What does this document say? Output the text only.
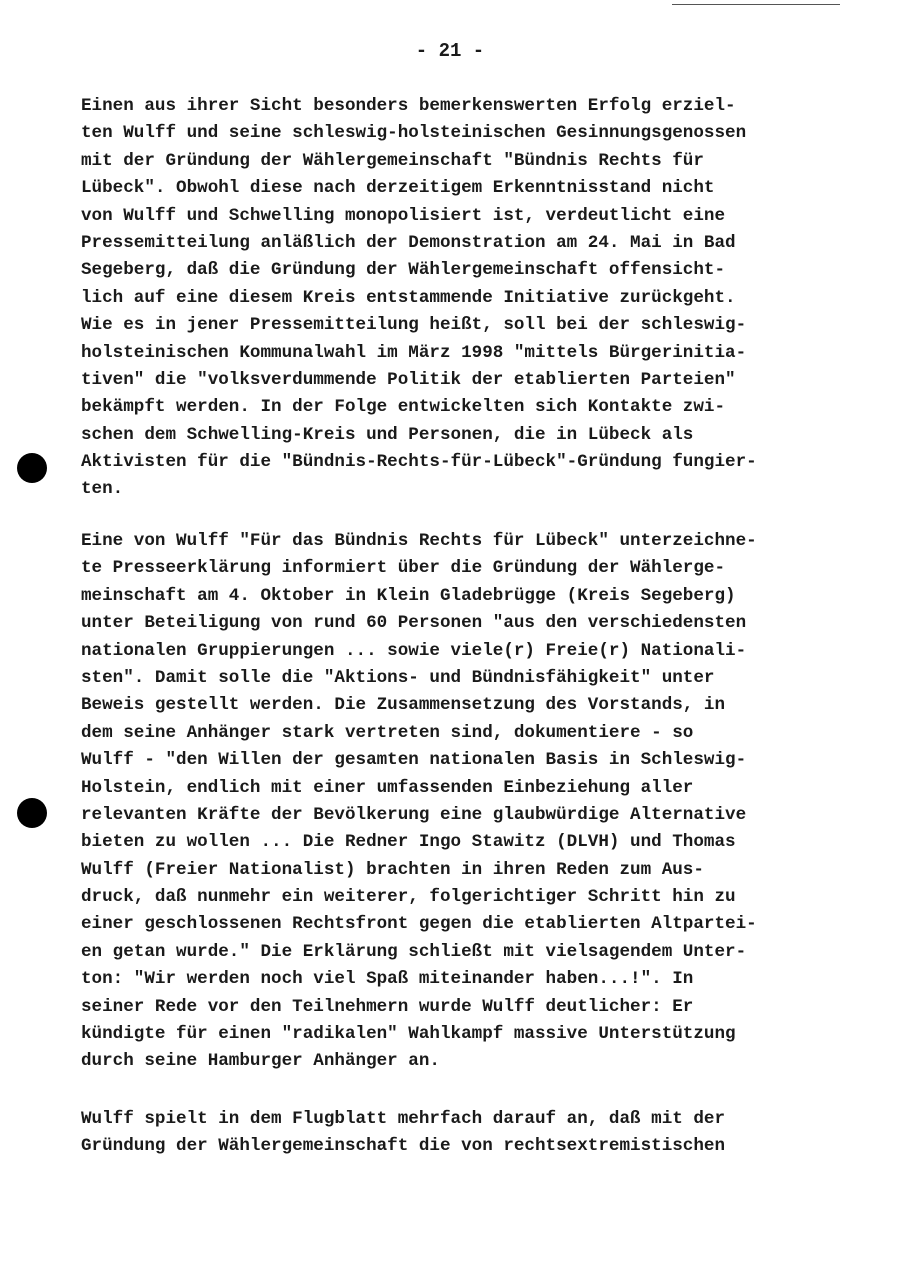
- 21 -
Einen aus ihrer Sicht besonders bemerkenswerten Erfolg erziel-
ten Wulff und seine schleswig-holsteinischen Gesinnungsgenossen
mit der Gründung der Wählergemeinschaft "Bündnis Rechts für
Lübeck". Obwohl diese nach derzeitigem Erkenntnisstand nicht
von Wulff und Schwelling monopolisiert ist, verdeutlicht eine
Pressemitteilung anläßlich der Demonstration am 24. Mai in Bad
Segeberg, daß die Gründung der Wählergemeinschaft offensicht-
lich auf eine diesem Kreis entstammende Initiative zurückgeht.
Wie es in jener Pressemitteilung heißt, soll bei der schleswig-
holsteinischen Kommunalwahl im März 1998 "mittels Bürgerinitia-
tiven" die "volksverdummende Politik der etablierten Parteien"
bekämpft werden. In der Folge entwickelten sich Kontakte zwi-
schen dem Schwelling-Kreis und Personen, die in Lübeck als
Aktivisten für die "Bündnis-Rechts-für-Lübeck"-Gründung fungier-
ten.
Eine von Wulff "Für das Bündnis Rechts für Lübeck" unterzeichne-
te Presseerklärung informiert über die Gründung der Wählerge-
meinschaft am 4. Oktober in Klein Gladebrügge (Kreis Segeberg)
unter Beteiligung von rund 60 Personen "aus den verschiedensten
nationalen Gruppierungen ... sowie viele(r) Freie(r) Nationali-
sten". Damit solle die "Aktions- und Bündnisfähigkeit" unter
Beweis gestellt werden. Die Zusammensetzung des Vorstands, in
dem seine Anhänger stark vertreten sind, dokumentiere - so
Wulff - "den Willen der gesamten nationalen Basis in Schleswig-
Holstein, endlich mit einer umfassenden Einbeziehung aller
relevanten Kräfte der Bevölkerung eine glaubwürdige Alternative
bieten zu wollen ... Die Redner Ingo Stawitz (DLVH) und Thomas
Wulff (Freier Nationalist) brachten in ihren Reden zum Aus-
druck, daß nunmehr ein weiterer, folgerichtiger Schritt hin zu
einer geschlossenen Rechtsfront gegen die etablierten Altpartei-
en getan wurde." Die Erklärung schließt mit vielsagendem Unter-
ton: "Wir werden noch viel Spaß miteinander haben...!". In
seiner Rede vor den Teilnehmern wurde Wulff deutlicher: Er
kündigte für einen "radikalen" Wahlkampf massive Unterstützung
durch seine Hamburger Anhänger an.
Wulff spielt in dem Flugblatt mehrfach darauf an, daß mit der
Gründung der Wählergemeinschaft die von rechtsextremistischen
